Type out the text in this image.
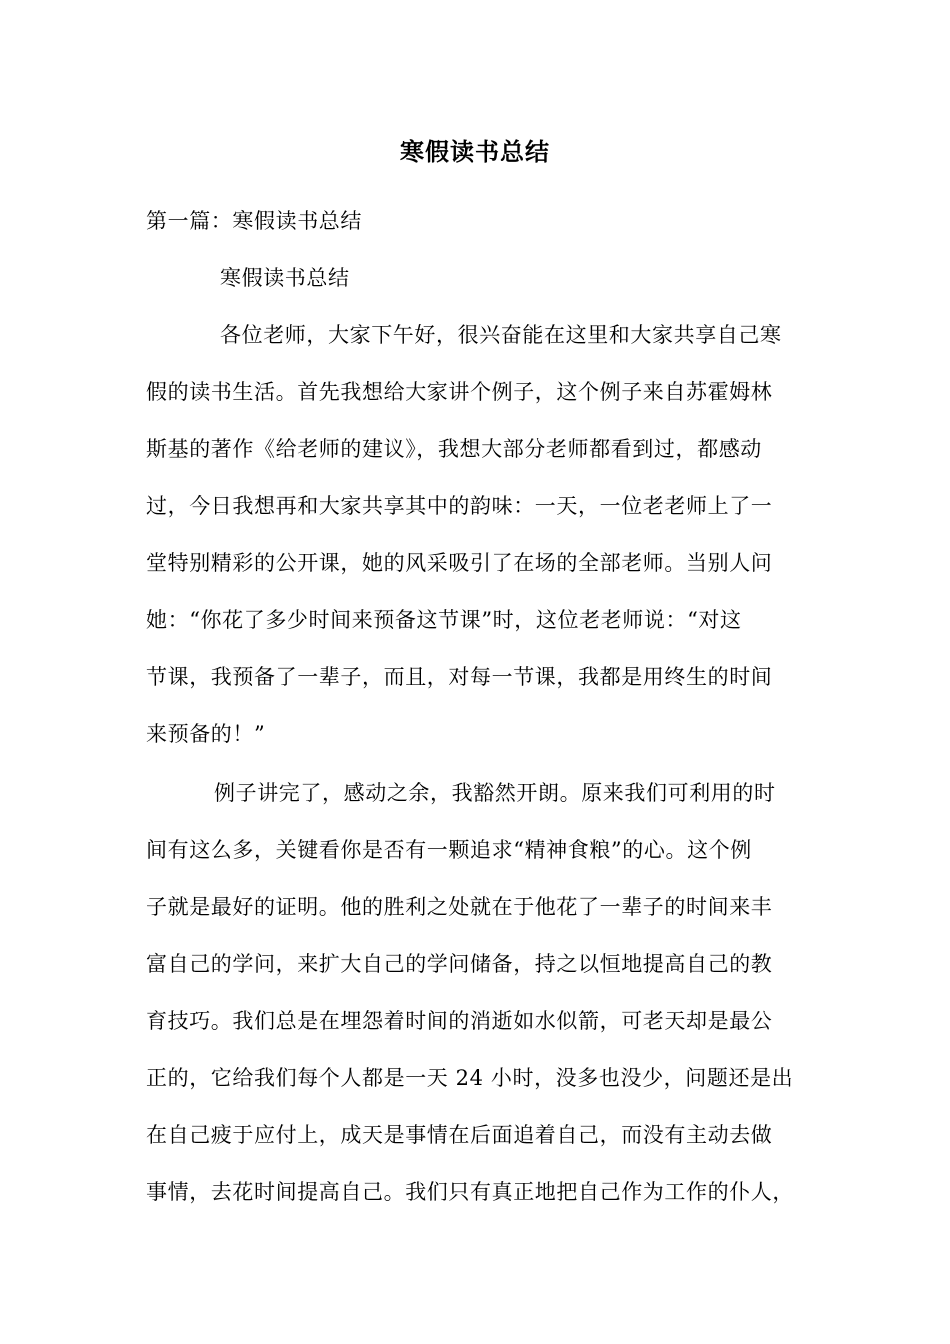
寒假读书总结
第一篇：寒假读书总结
寒假读书总结
各位老师，大家下午好，很兴奋能在这里和大家共享自己寒
假的读书生活。首先我想给大家讲个例子，这个例子来自苏霍姆林
斯基的著作《给老师的建议》，我想大部分老师都看到过，都感动
过，今日我想再和大家共享其中的韵味：一天，一位老老师上了一
堂特别精彩的公开课，她的风采吸引了在场的全部老师。当别人问
她：“你花了多少时间来预备这节课”时，这位老老师说：“对这
节课，我预备了一辈子，而且，对每一节课，我都是用终生的时间
来预备的！”
例子讲完了，感动之余，我豁然开朗。原来我们可利用的时
间有这么多，关键看你是否有一颗追求“精神食粮”的心。这个例
子就是最好的证明。他的胜利之处就在于他花了一辈子的时间来丰
富自己的学问，来扩大自己的学问储备，持之以恒地提高自己的教
育技巧。我们总是在埋怨着时间的消逝如水似箭，可老天却是最公
正的，它给我们每个人都是一天 24 小时，没多也没少，问题还是出
在自己疲于应付上，成天是事情在后面追着自己，而没有主动去做
事情，去花时间提高自己。我们只有真正地把自己作为工作的仆人，
